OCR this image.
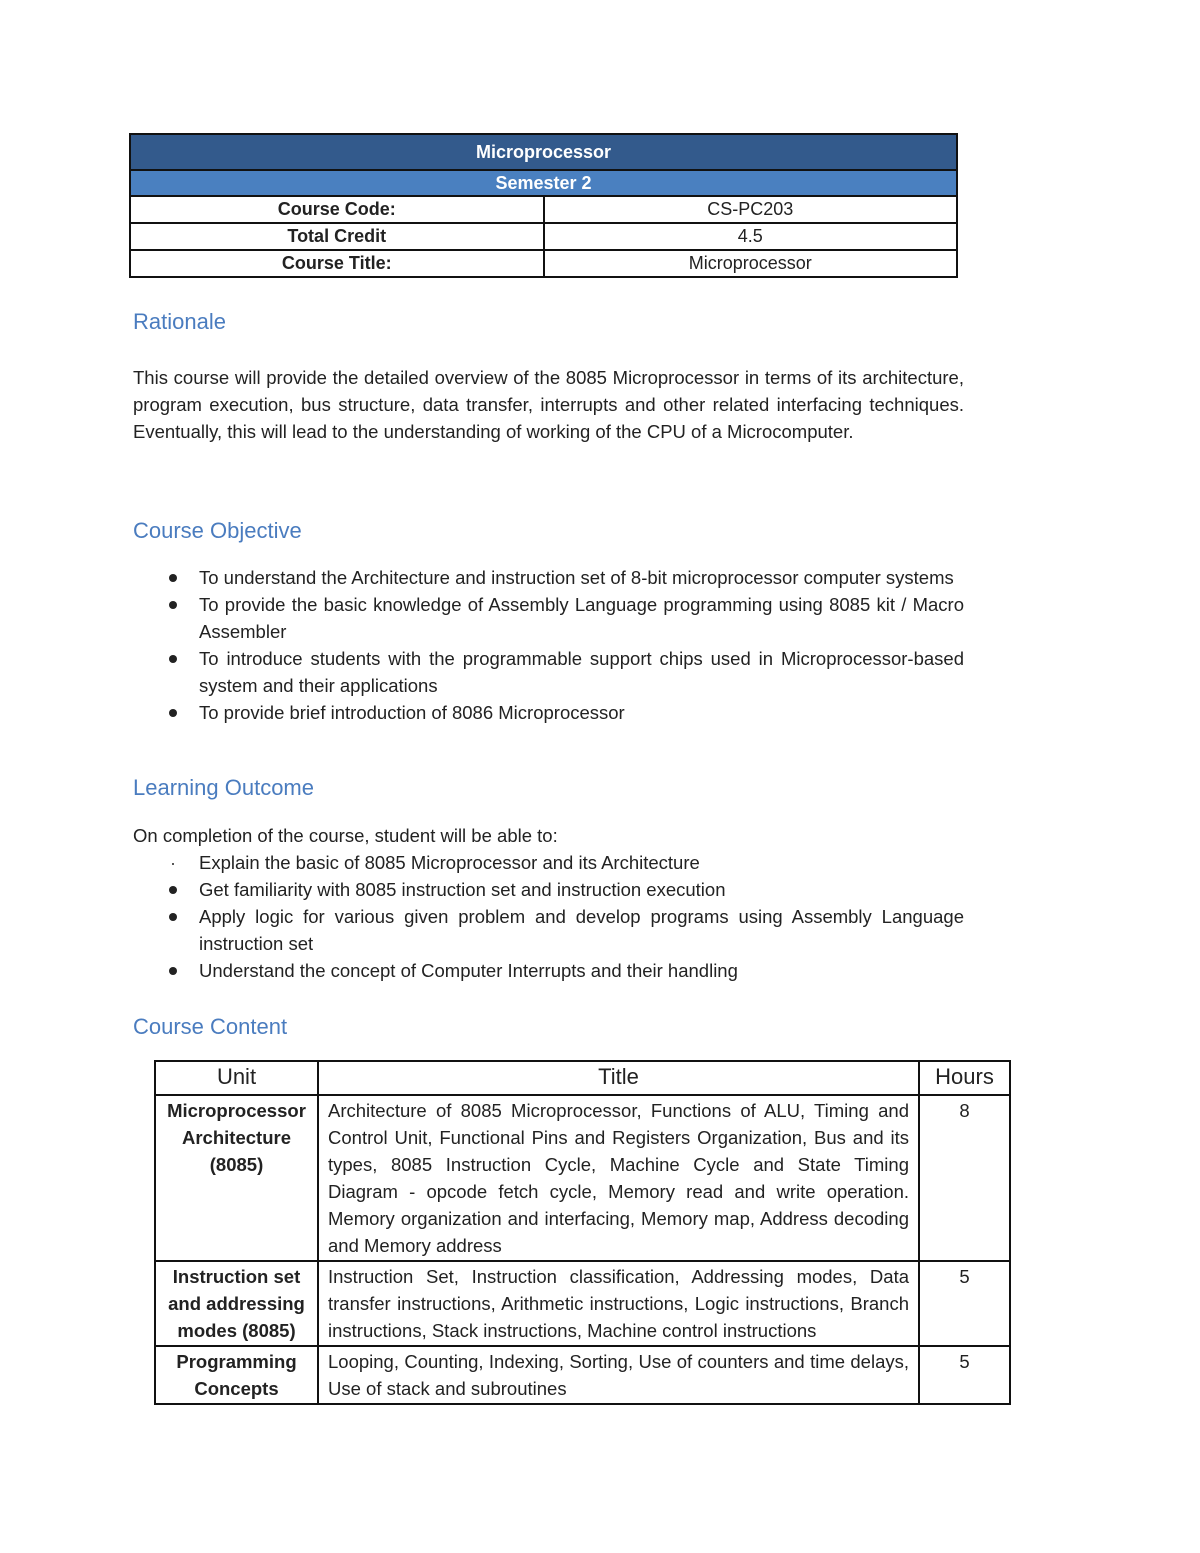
Microprocessor	
Semester 2	
Course Code:	CS-PC203
Total Credit	4.5
Course Title:	Microprocessor
Rationale

This course will provide the detailed overview of the 8085 Microprocessor in terms of its architecture, program execution, bus structure, data transfer, interrupts and other related interfacing techniques. Eventually, this will lead to the understanding of working of the CPU of a Microcomputer.

Course Objective
To understand the Architecture and instruction set of 8-bit microprocessor computer systems
To provide the basic knowledge of Assembly Language programming using 8085 kit / Macro Assembler
To introduce students with the programmable support chips used in Microprocessor-based system and their applications
To provide brief introduction of 8086 Microprocessor
Learning Outcome

On completion of the course, student will be able to:

Explain the basic of 8085 Microprocessor and its Architecture
Get familiarity with 8085 instruction set and instruction execution
Apply logic for various given problem and develop programs using Assembly Language instruction set
Understand the concept of Computer Interrupts and their handling
Course Content
Unit	Title	Hours
Microprocessor Architecture (8085)	Architecture of 8085 Microprocessor, Functions of ALU, Timing and Control Unit, Functional Pins and Registers Organization, Bus and its types, 8085 Instruction Cycle, Machine Cycle and State Timing Diagram - opcode fetch cycle, Memory read and write operation. Memory organization and interfacing, Memory map, Address decoding and Memory address	8
Instruction set and addressing modes (8085)	Instruction Set, Instruction classification, Addressing modes, Data transfer instructions, Arithmetic instructions, Logic instructions, Branch instructions, Stack instructions, Machine control instructions	5
Programming Concepts	Looping, Counting, Indexing, Sorting, Use of counters and time delays, Use of stack and subroutines	5
